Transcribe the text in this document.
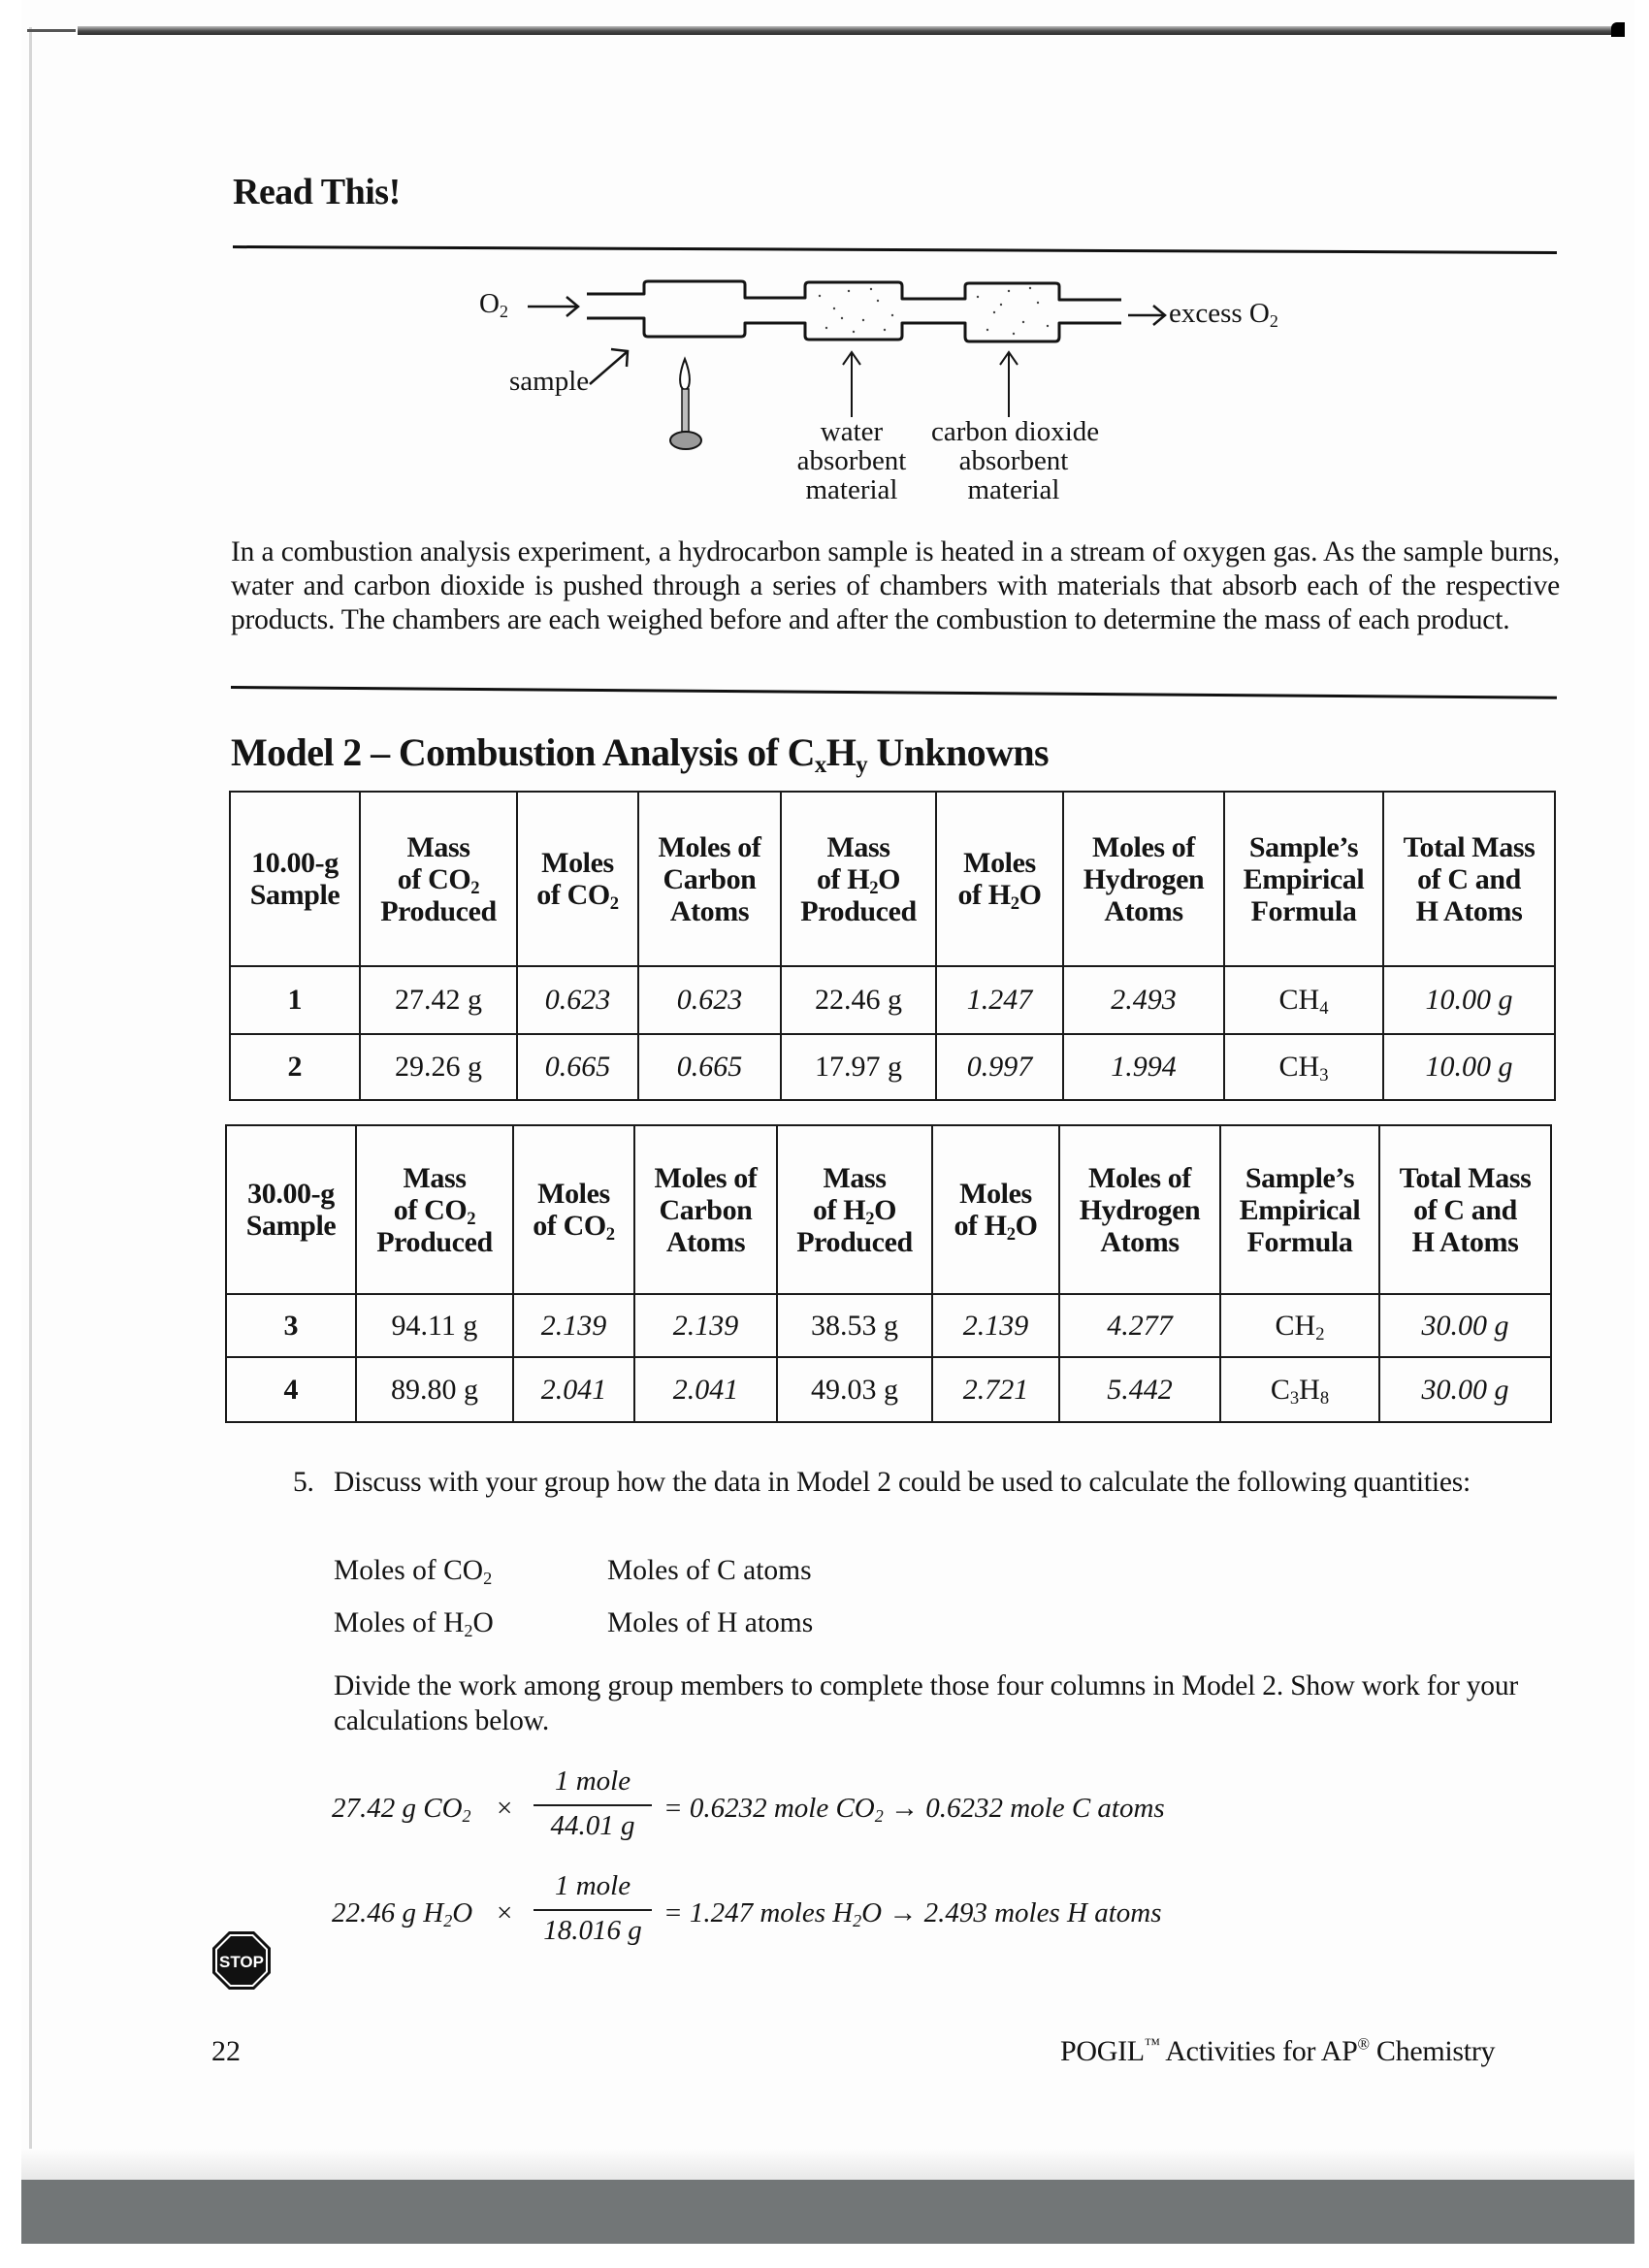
Read This!
$O_2$	excess $O_2$
sample
water
absorbent
material
carbon dioxide
absorbent
material
In a combustion analysis experiment, a hydrocarbon sample is heated in a stream of oxygen gas. As the sample burns, water and carbon dioxide is pushed through a series of chambers with materials that absorb each of the respective products. The chambers are each weighed before and after the combustion to determine the mass of each product.
Model 2 – Combustion Analysis of $C_xH_y$ Unknowns
10.00-g
Sample

Mass
of $CO_2$
Produced

Moles
of $CO_2$

Moles of
Carbon
Atoms

Mass
of $H_2O$
Produced

Moles
of $H_2O$

Moles of
Hydrogen
Atoms

Sample’s
Empirical
Formula

Total Mass
of C and
H Atoms

1	27.42 g	0.623	0.623	22.46 g	1.247	2.493	$CH_4$	10.00 g
2	29.26 g	0.665	0.665	17.97 g	0.997	1.994	$CH_3$	10.00 g
30.00-g
Sample

Mass
of $CO_2$
Produced

Moles
of $CO_2$

Moles of
Carbon
Atoms

Mass
of $H_2O$
Produced

Moles
of $H_2O$

Moles of
Hydrogen
Atoms

Sample’s
Empirical
Formula

Total Mass
of C and
H Atoms

3	94.11 g	2.139	2.139	38.53 g	2.139	4.277	$CH_2$	30.00 g
4	89.80 g	2.041	2.041	49.03 g	2.721	5.442	$C_3H_8$	30.00 g
5. Discuss with your group how the data in Model 2 could be used to calculate the following quantities:
Moles of $CO_2$	Moles of C atoms
Moles of $H_2O$	Moles of H atoms
Divide the work among group members to complete those four columns in Model 2. Show work for your calculations below.
27.42 g $CO_2$ ×
1 mole
44.01 g
= 0.6232 mole $CO_2 \to 0.6232$ mole C atoms
22.46 g $H_2O$ ×
1 mole
18.016 g
= 1.247 moles $H_2O \to 2.493$ moles H atoms
STOP
22	POGIL™ Activities for AP® Chemistry
